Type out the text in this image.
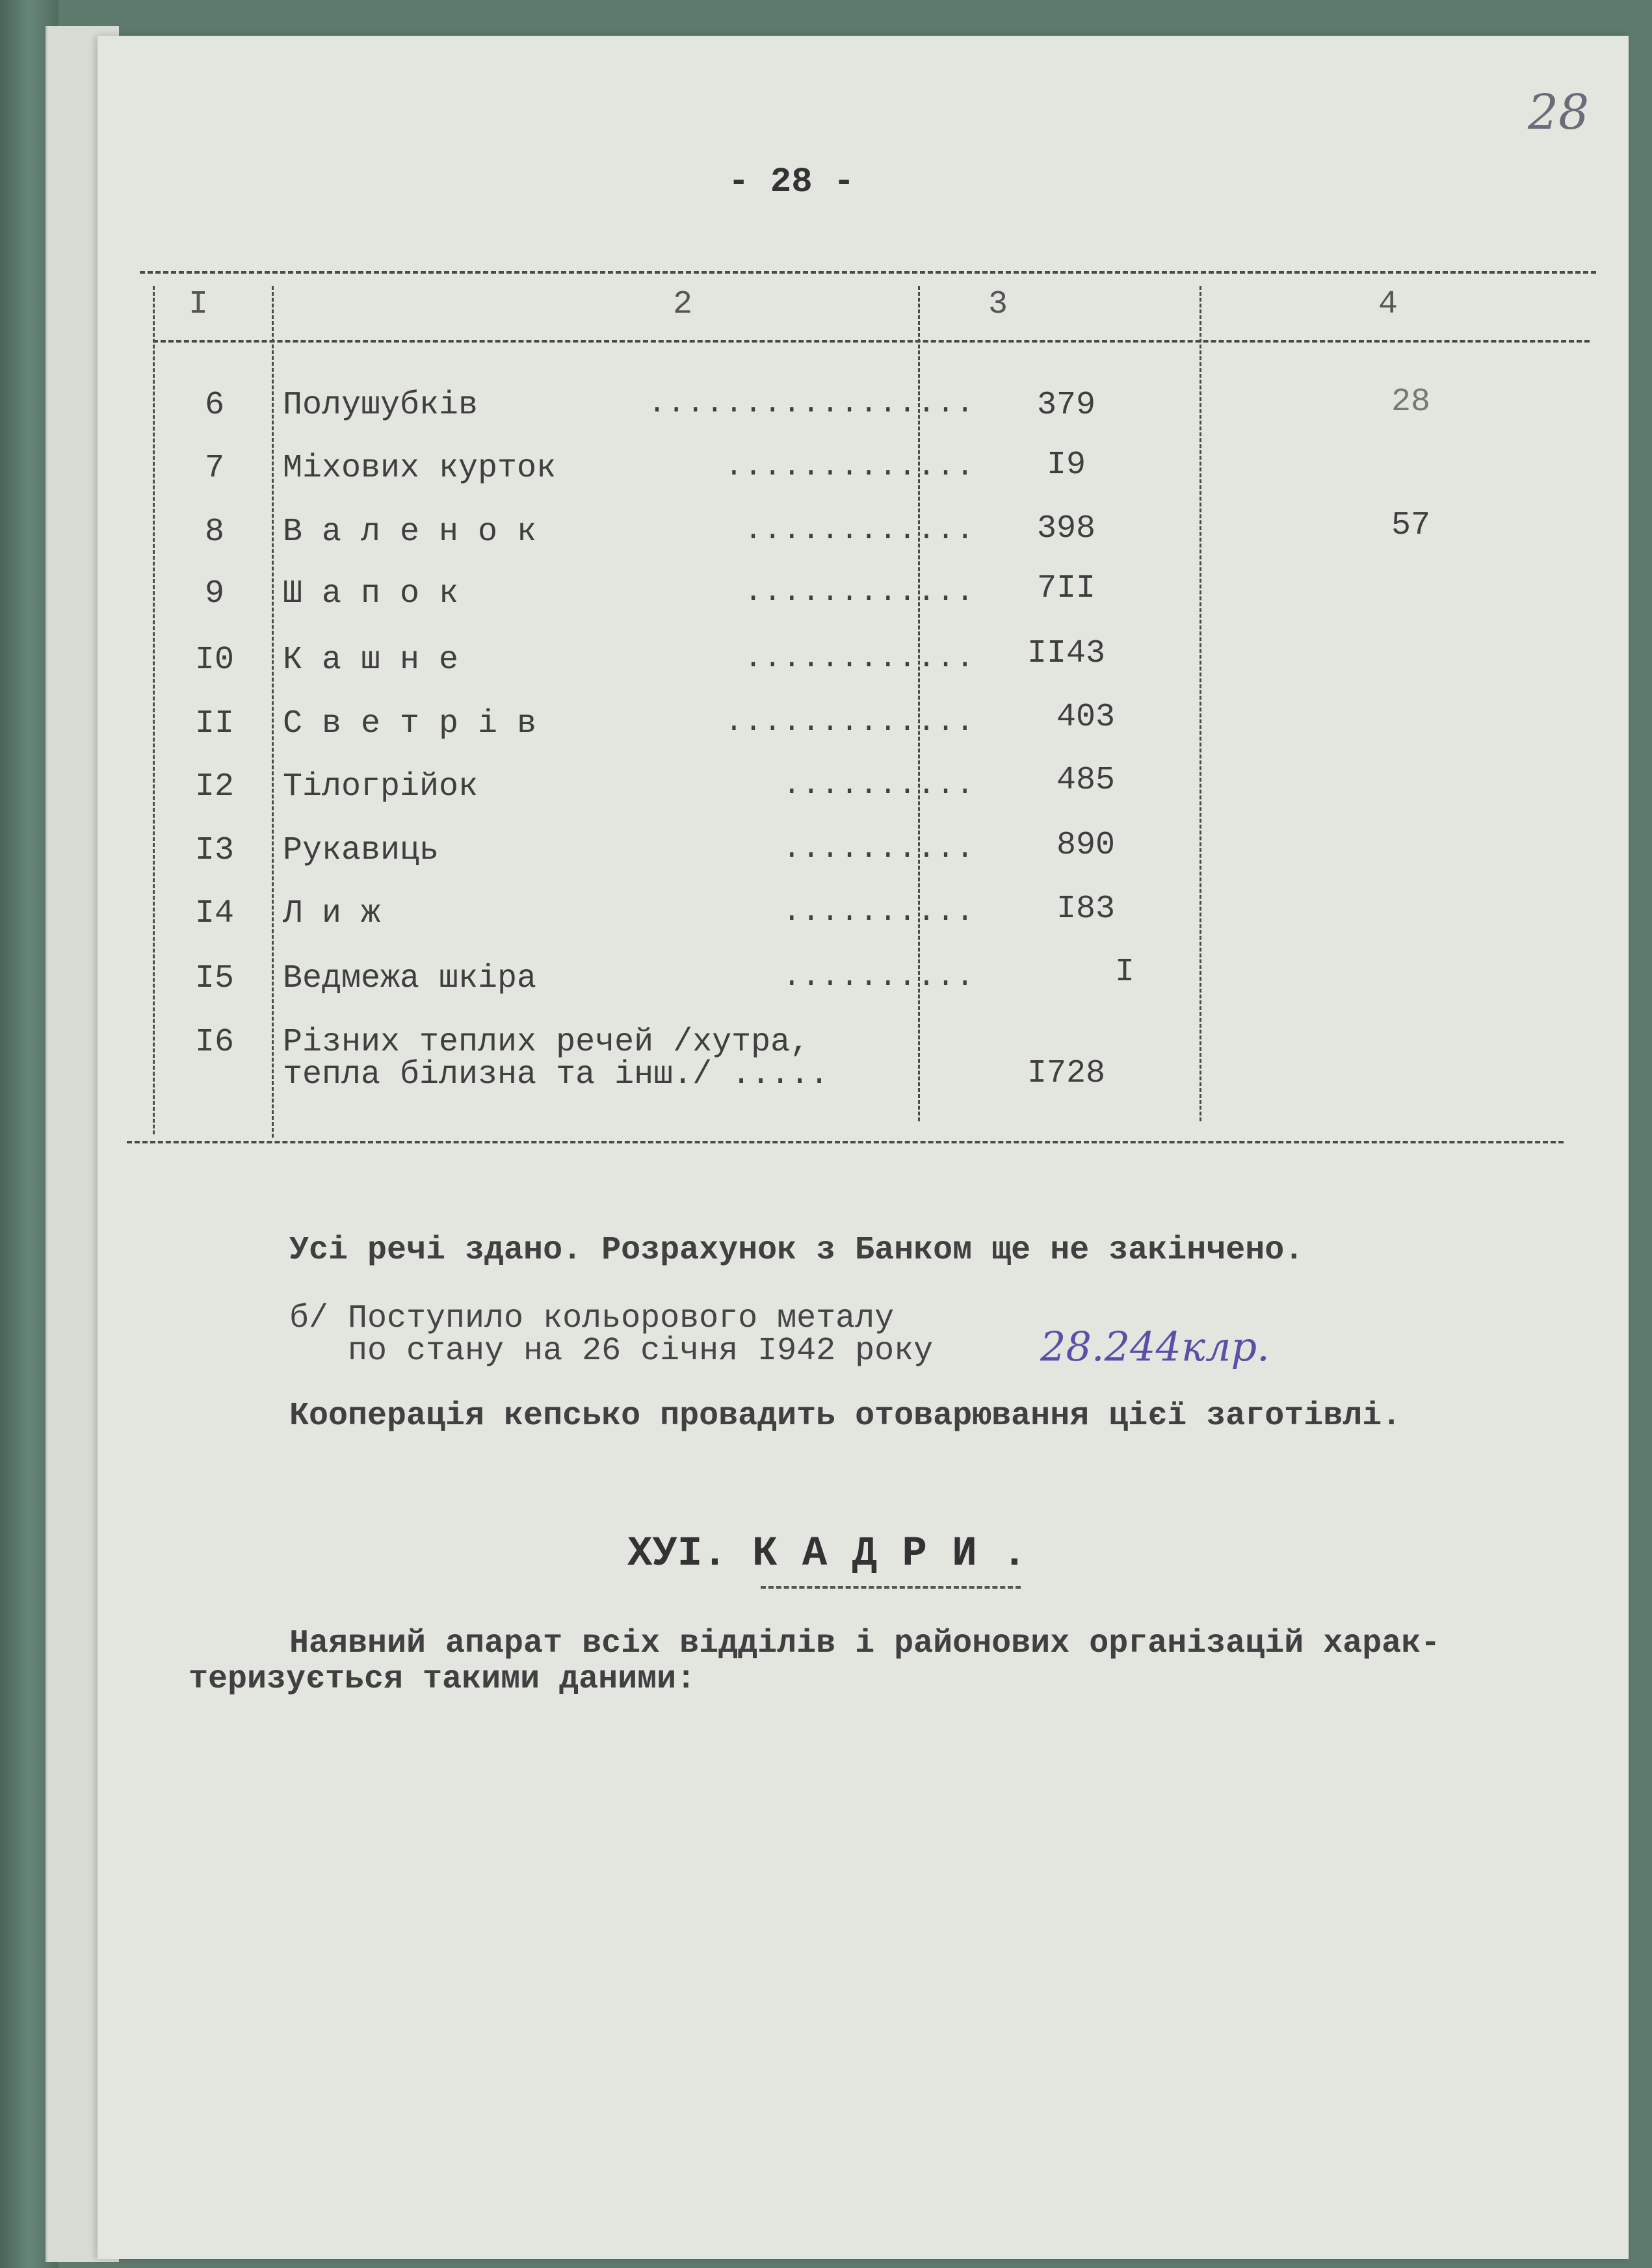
28
- 28 -
I	2	3	4
6	Полушубків	.................	379	28
7	Міхових курток	.............	I9
8	В а л е н о к	............	398	57
9	Ш а п о к	............	7II
I0	К а ш н е	............	II43
II	С в е т р і в	.............	403
I2	Тілогрійок	..........	485
I3	Рукавиць	..........	890
I4	Л и ж	..........	I83
I5	Ведмежа шкіра	..........	I
I6	Різних теплих речей /хутра,
тепла білизна та інш./ .....	I728
Усі речі здано. Розрахунок з Банком ще не закінчено.
б/ Поступило кольорового металу
по стану на 26 січня I942 року	28.244клр.
Кооперація кепсько провадить отоварювання цієї заготівлі.
ХУІ. К А Д Р И .
Наявний апарат всіх відділів і районових організацій харак-
теризується такими даними:
